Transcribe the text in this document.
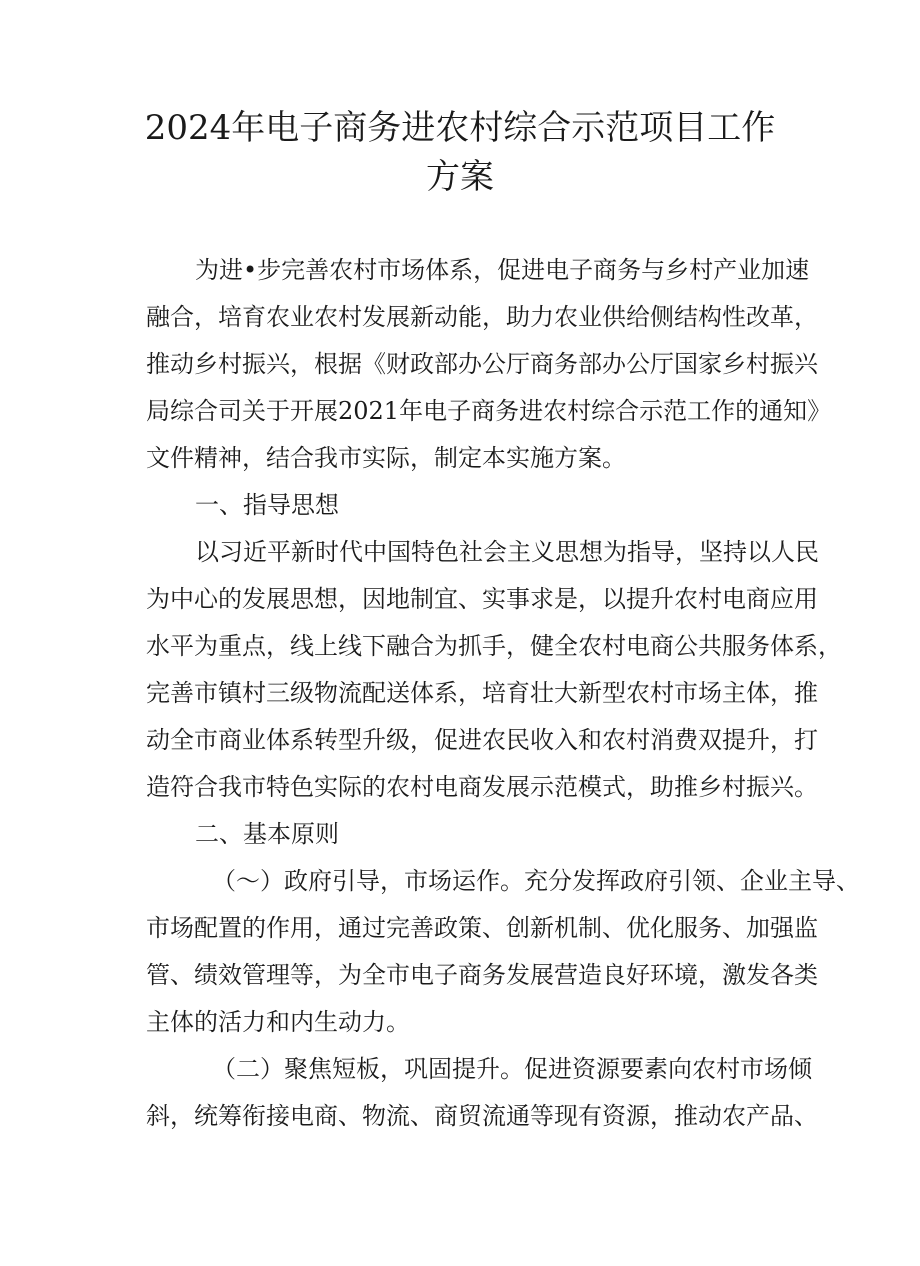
2024年电子商务进农村综合示范项目工作
方案

为进•步完善农村市场体系，促进电子商务与乡村产业加速

融合，培育农业农村发展新动能，助力农业供给侧结构性改革，

推动乡村振兴，根据《财政部办公厅商务部办公厅国家乡村振兴

局综合司关于开展2021年电子商务进农村综合示范工作的通知》

文件精神，结合我市实际，制定本实施方案。

一、指导思想

以习近平新时代中国特色社会主义思想为指导，坚持以人民

为中心的发展思想，因地制宜、实事求是，以提升农村电商应用

水平为重点，线上线下融合为抓手，健全农村电商公共服务体系，

完善市镇村三级物流配送体系，培育壮大新型农村市场主体，推

动全市商业体系转型升级，促进农民收入和农村消费双提升，打

造符合我市特色实际的农村电商发展示范模式，助推乡村振兴。

二、基本原则

（〜）政府引导，市场运作。充分发挥政府引领、企业主导、

市场配置的作用，通过完善政策、创新机制、优化服务、加强监

管、绩效管理等，为全市电子商务发展营造良好环境，激发各类

主体的活力和内生动力。

（二）聚焦短板，巩固提升。促进资源要素向农村市场倾

斜，统筹衔接电商、物流、商贸流通等现有资源，推动农产品、
